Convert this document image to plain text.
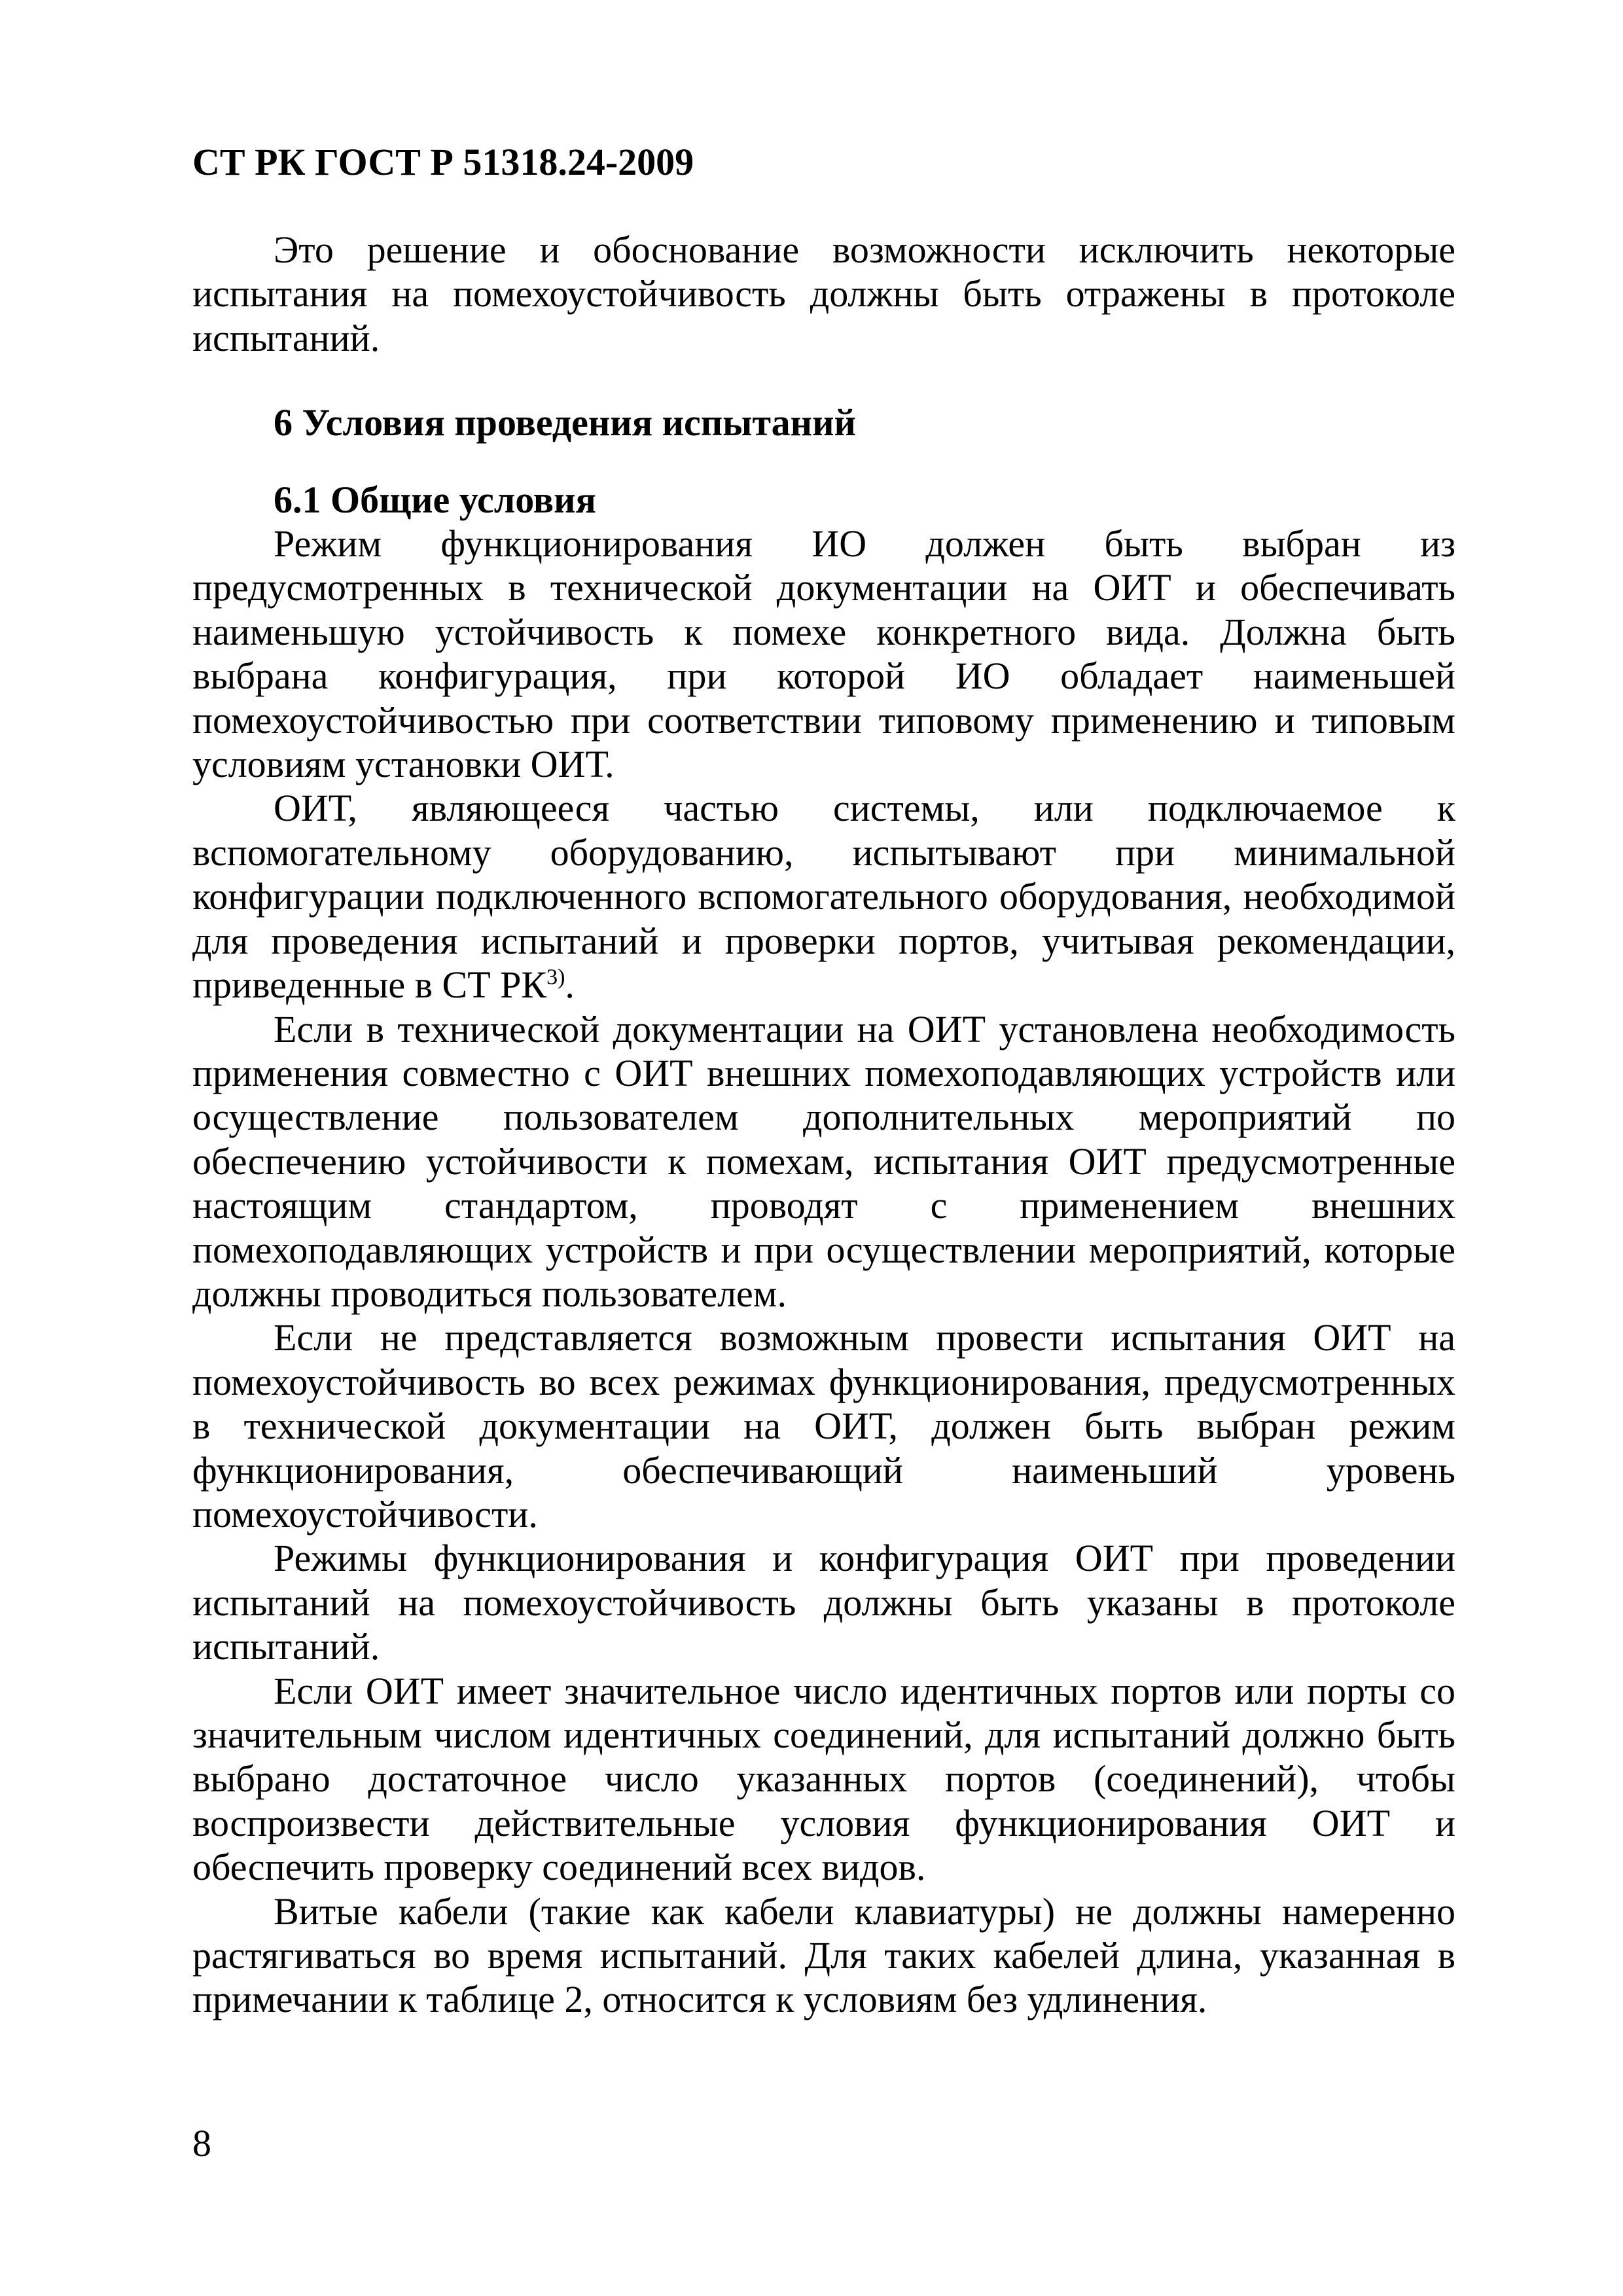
СТ РК ГОСТ Р 51318.24-2009

Это решение и обоснование возможности исключить некоторые испытания на помехоустойчивость должны быть отражены в протоколе испытаний.

6 Условия проведения испытаний

6.1 Общие условия

Режим функционирования ИО должен быть выбран из предусмотренных в технической документации на ОИТ и обеспечивать наименьшую устойчивость к помехе конкретного вида. Должна быть выбрана конфигурация, при которой ИО обладает наименьшей помехоустойчивостью при соответствии типовому применению и типовым условиям установки ОИТ.

ОИТ, являющееся частью системы, или подключаемое к вспомогательному оборудованию, испытывают при минимальной конфигурации подключенного вспомогательного оборудования, необходимой для проведения испытаний и проверки портов, учитывая рекомендации, приведенные в СТ РК$^{3)}$.

Если в технической документации на ОИТ установлена необходимость применения совместно с ОИТ внешних помехоподавляющих устройств или осуществление пользователем дополнительных мероприятий по обеспечению устойчивости к помехам, испытания ОИТ предусмотренные настоящим стандартом, проводят с применением внешних помехоподавляющих устройств и при осуществлении мероприятий, которые должны проводиться пользователем.

Если не представляется возможным провести испытания ОИТ на помехоустойчивость во всех режимах функционирования, предусмотренных в технической документации на ОИТ, должен быть выбран режим функционирования, обеспечивающий наименьший уровень помехоустойчивости.

Режимы функционирования и конфигурация ОИТ при проведении испытаний на помехоустойчивость должны быть указаны в протоколе испытаний.

Если ОИТ имеет значительное число идентичных портов или порты со значительным числом идентичных соединений, для испытаний должно быть выбрано достаточное число указанных портов (соединений), чтобы воспроизвести действительные условия функционирования ОИТ и обеспечить проверку соединений всех видов.

Витые кабели (такие как кабели клавиатуры) не должны намеренно растягиваться во время испытаний. Для таких кабелей длина, указанная в примечании к таблице 2, относится к условиям без удлинения.

8
